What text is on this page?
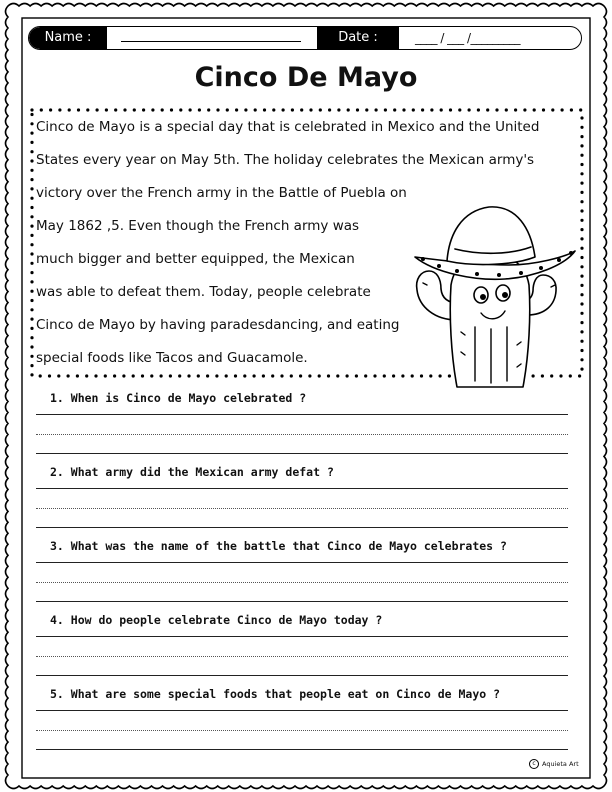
Name :	Date :	____ / ___ /_________
Cinco De Mayo
Cinco de Mayo is a special day that is celebrated in Mexico and the United
States every year on May 5th. The holiday celebrates the Mexican army's
victory over the French army in the Battle of Puebla on
May 1862 ,5. Even though the French army was
much bigger and better equipped, the Mexican
was able to defeat them. Today, people celebrate
Cinco de Mayo by having paradesdancing, and eating
special foods like Tacos and Guacamole.
1. When is Cinco de Mayo celebrated ?
2. What army did the Mexican army defat ?
3. What was the name of the battle that Cinco de Mayo celebrates ?
4. How do people celebrate Cinco de Mayo today ?
5. What are some special foods that people eat on Cinco de Mayo ?
c Aquieta Art
